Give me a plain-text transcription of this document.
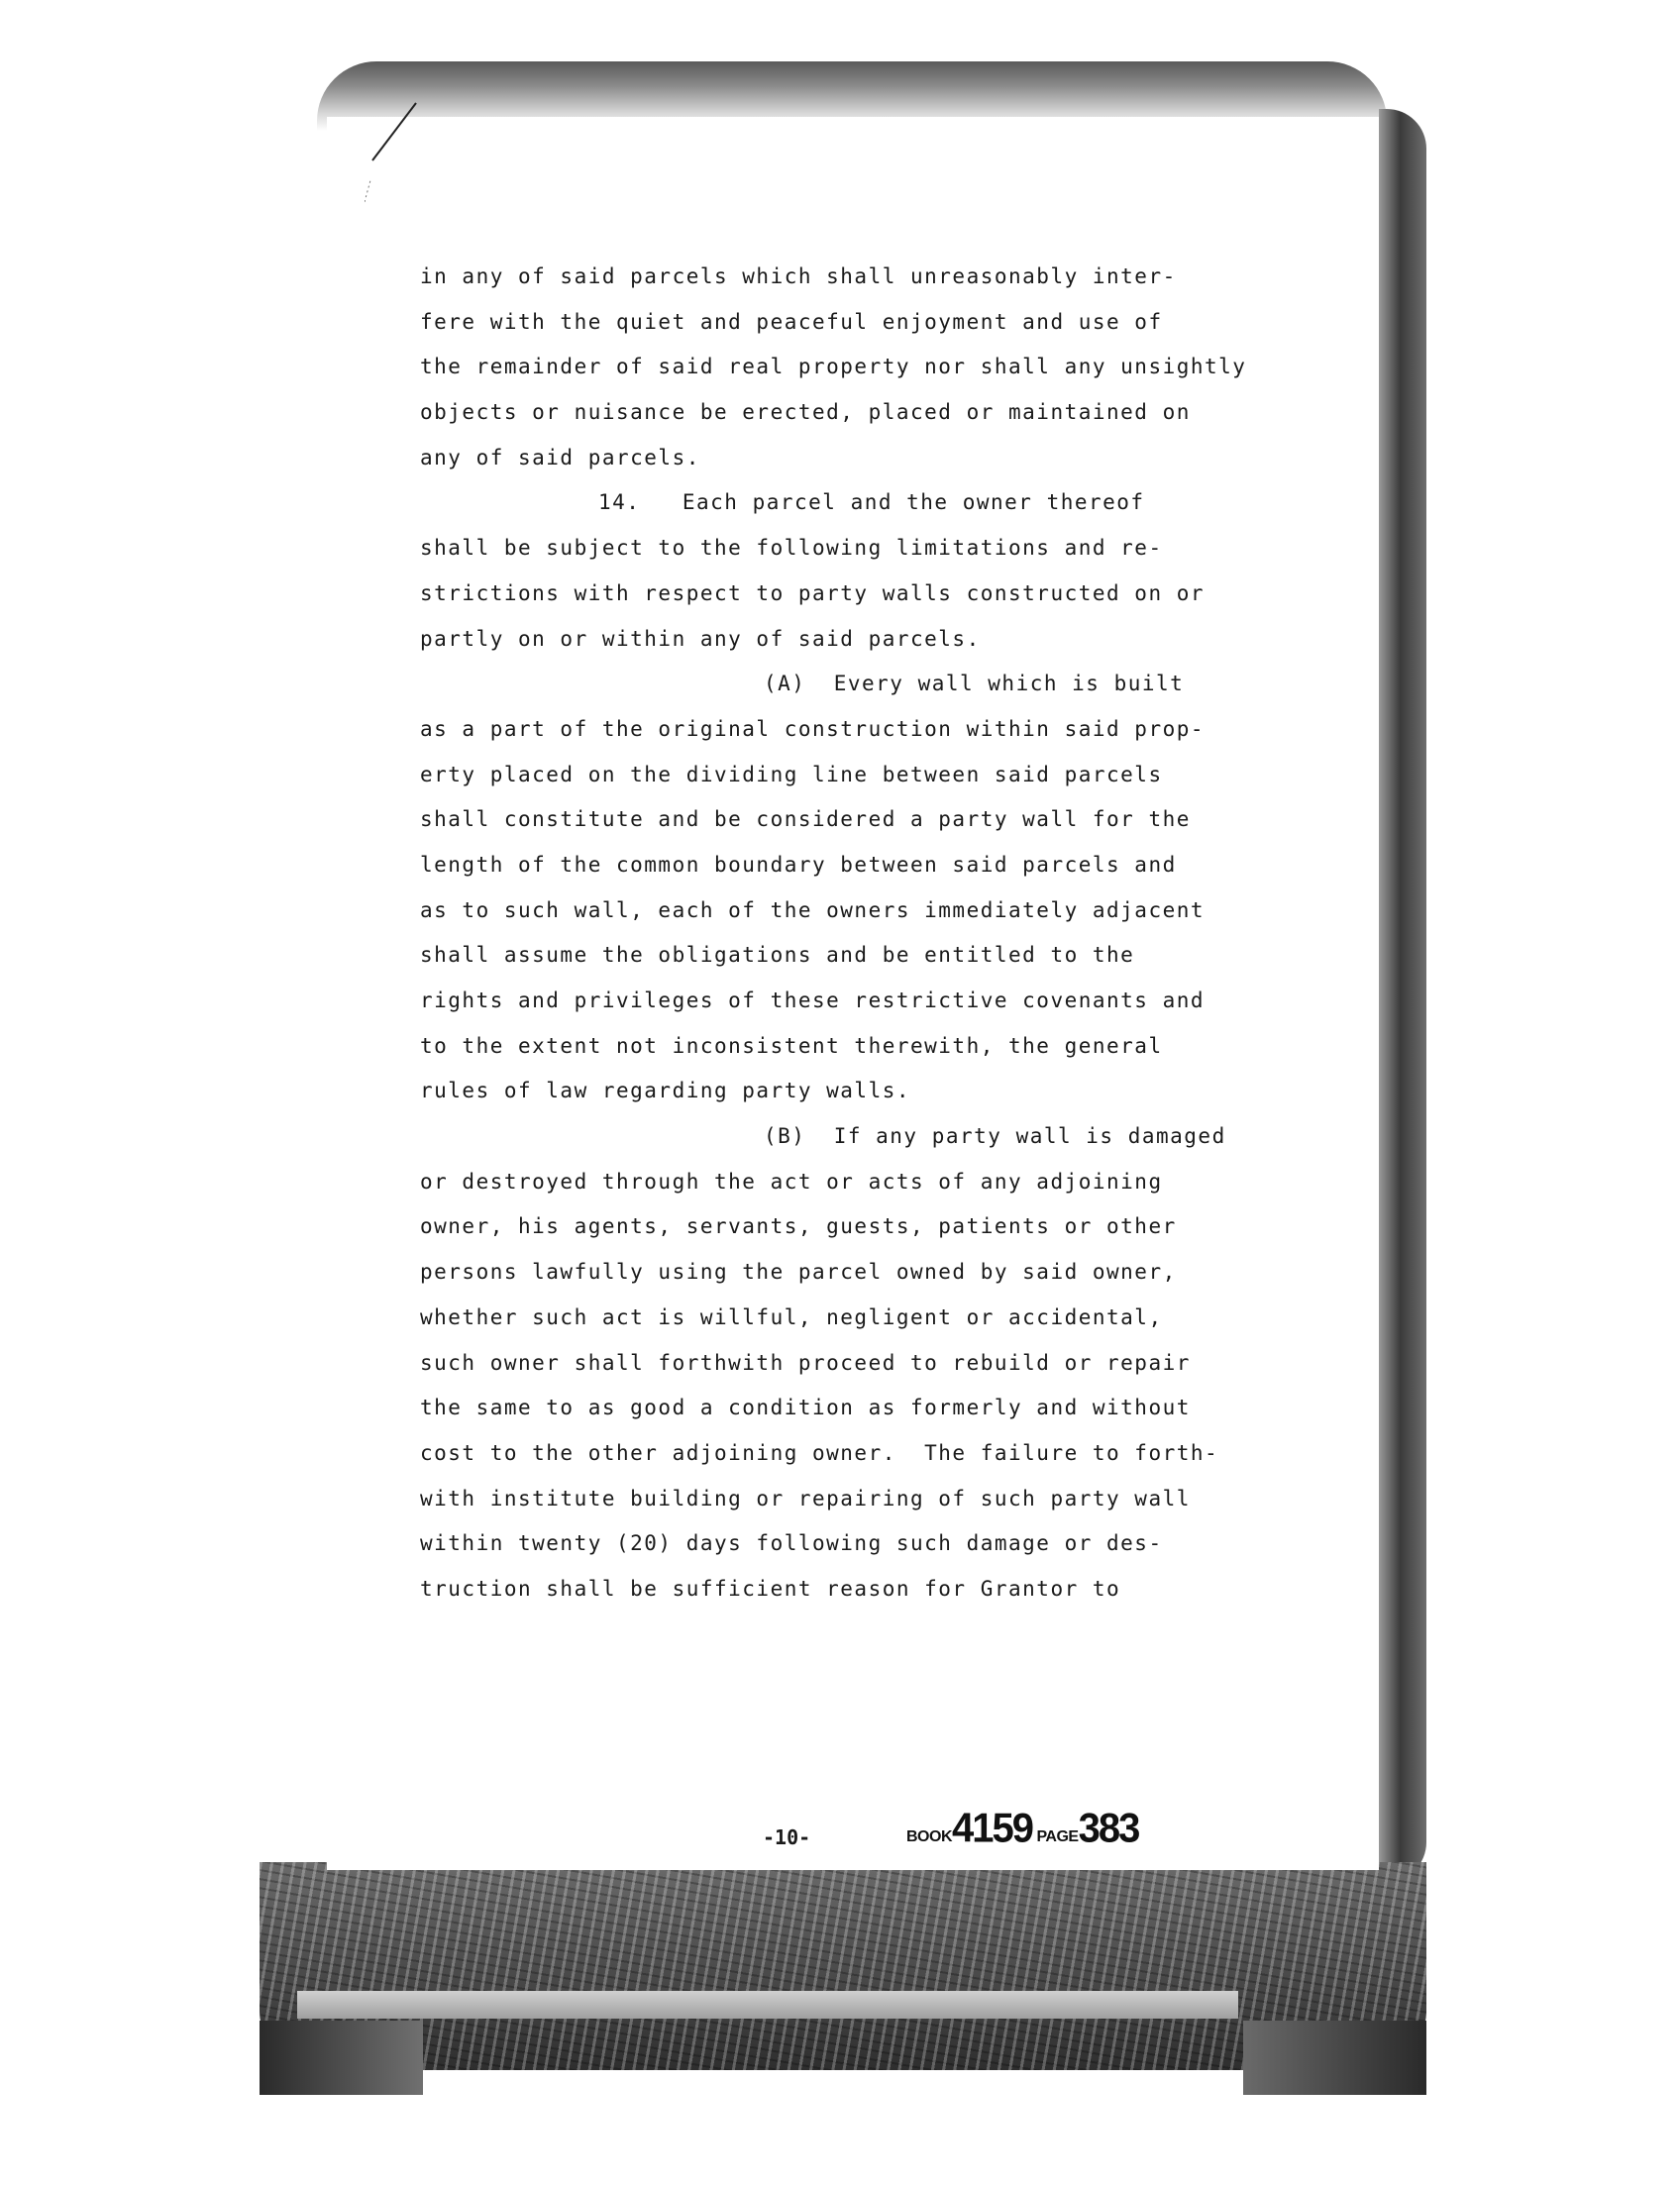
in any of said parcels which shall unreasonably inter-
fere with the quiet and peaceful enjoyment and use of
the remainder of said real property nor shall any unsightly
objects or nuisance be erected, placed or maintained on
any of said parcels.
14.   Each parcel and the owner thereof
shall be subject to the following limitations and re-
strictions with respect to party walls constructed on or
partly on or within any of said parcels.
(A)  Every wall which is built
as a part of the original construction within said prop-
erty placed on the dividing line between said parcels
shall constitute and be considered a party wall for the
length of the common boundary between said parcels and
as to such wall, each of the owners immediately adjacent
shall assume the obligations and be entitled to the
rights and privileges of these restrictive covenants and
to the extent not inconsistent therewith, the general
rules of law regarding party walls.
(B)  If any party wall is damaged
or destroyed through the act or acts of any adjoining
owner, his agents, servants, guests, patients or other
persons lawfully using the parcel owned by said owner,
whether such act is willful, negligent or accidental,
such owner shall forthwith proceed to rebuild or repair
the same to as good a condition as formerly and without
cost to the other adjoining owner.  The failure to forth-
with institute building or repairing of such party wall
within twenty (20) days following such damage or des-
truction shall be sufficient reason for Grantor to
-10-	BOOK4159 PAGE383
